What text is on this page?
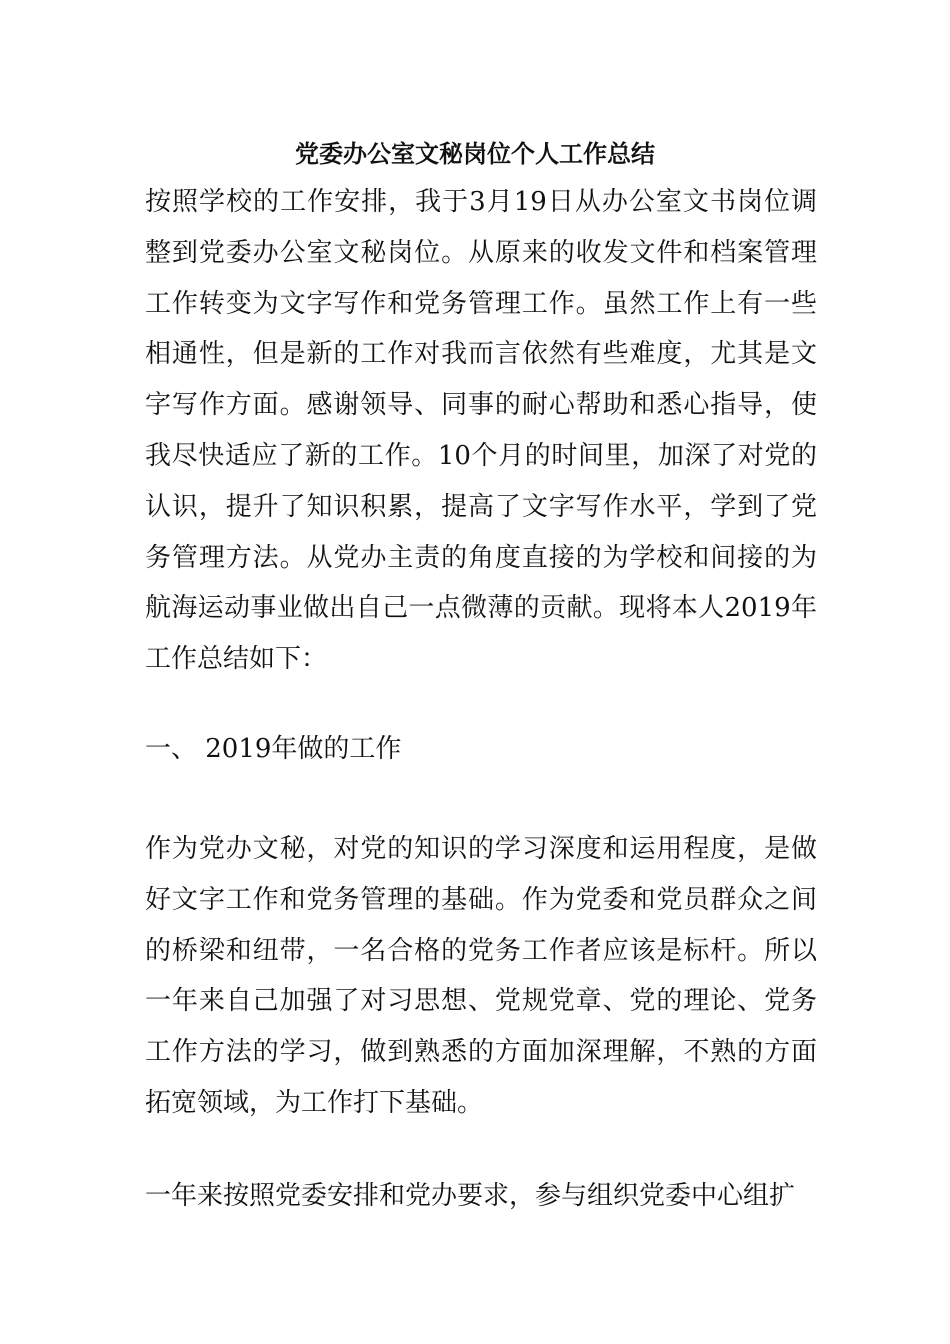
党委办公室文秘岗位个人工作总结

按照学校的工作安排，我于3月19日从办公室文书岗位调整到党委办公室文秘岗位。从原来的收发文件和档案管理工作转变为文字写作和党务管理工作。虽然工作上有一些相通性，但是新的工作对我而言依然有些难度，尤其是文字写作方面。感谢领导、同事的耐心帮助和悉心指导，使我尽快适应了新的工作。10个月的时间里，加深了对党的认识，提升了知识积累，提高了文字写作水平，学到了党务管理方法。从党办主责的角度直接的为学校和间接的为航海运动事业做出自己一点微薄的贡献。现将本人2019年工作总结如下：

一、 2019年做的工作

作为党办文秘，对党的知识的学习深度和运用程度，是做好文字工作和党务管理的基础。作为党委和党员群众之间的桥梁和纽带，一名合格的党务工作者应该是标杆。所以一年来自己加强了对习思想、党规党章、党的理论、党务工作方法的学习，做到熟悉的方面加深理解，不熟的方面拓宽领域，为工作打下基础。

一年来按照党委安排和党办要求，参与组织党委中心组扩
